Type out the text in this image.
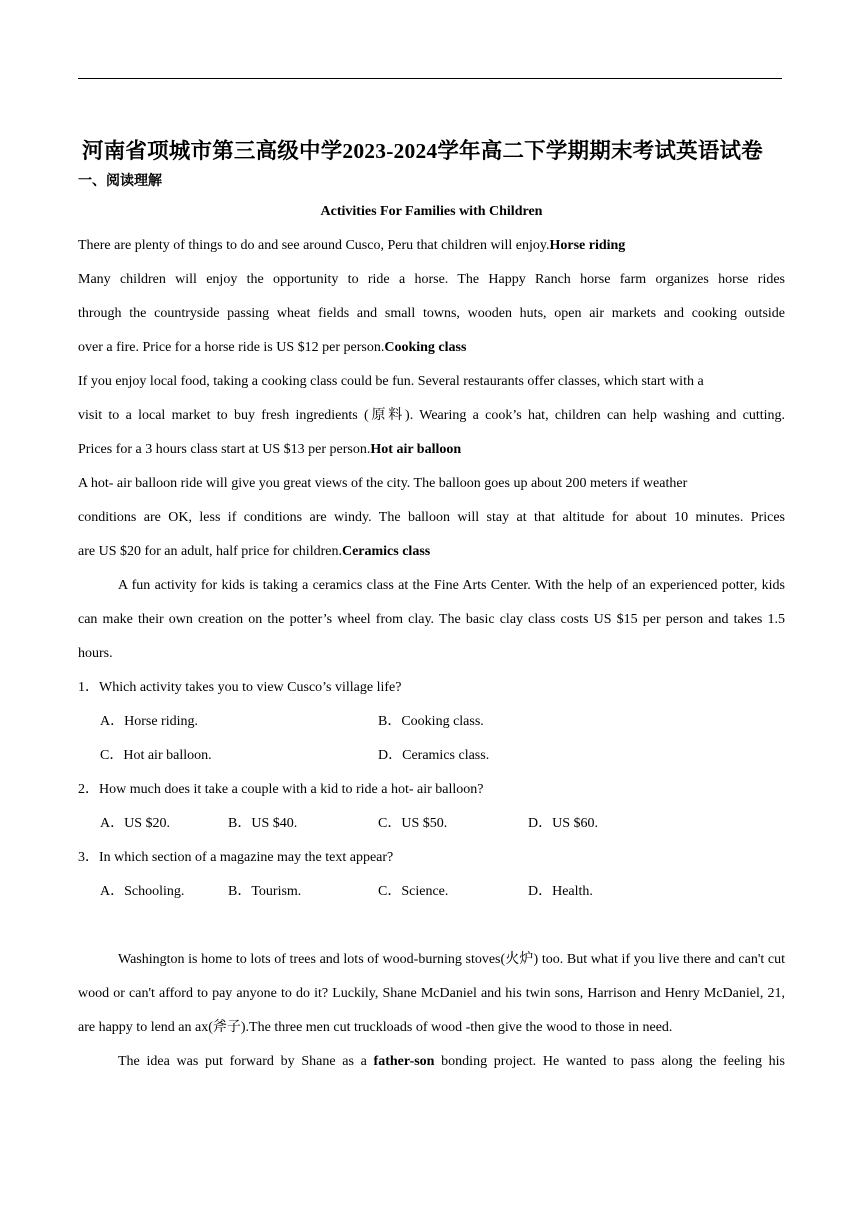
河南省项城市第三高级中学2023-2024学年高二下学期期末考试英语试卷
一、阅读理解
Activities For Families with Children
There are plenty of things to do and see around Cusco, Peru that children will enjoy.Horse riding
Many children will enjoy the opportunity to ride a horse. The Happy Ranch horse farm organizes horse rides
through the countryside passing wheat fields and small towns, wooden huts, open air markets and cooking outside
over a fire. Price for a horse ride is US $12 per person.Cooking class
If you enjoy local food, taking a cooking class could be fun. Several restaurants offer classes, which start with a
visit to a local market to buy fresh ingredients (原料). Wearing a cook’s hat, children can help washing and cutting.
Prices for a 3 hours class start at US $13 per person.Hot air balloon
A hot- air balloon ride will give you great views of the city. The balloon goes up about 200 meters if weather
conditions are OK, less if conditions are windy. The balloon will stay at that altitude for about 10 minutes. Prices
are US $20 for an adult, half price for children.Ceramics class
A fun activity for kids is taking a ceramics class at the Fine Arts Center. With the help of an experienced potter, kids can make their own creation on the potter’s wheel from clay. The basic clay class costs US $15 per person and takes 1.5 hours.
1．Which activity takes you to view Cusco’s village life?
A．Horse riding.	B．Cooking class.
C．Hot air balloon.	D．Ceramics class.
2．How much does it take a couple with a kid to ride a hot- air balloon?
A．US $20.	B．US $40.	C．US $50.	D．US $60.
3．In which section of a magazine may the text appear?
A．Schooling.	B．Tourism.	C．Science.	D．Health.
Washington is home to lots of trees and lots of wood-burning stoves(火炉) too. But what if you live there and can't cut wood or can't afford to pay anyone to do it? Luckily, Shane McDaniel and his twin sons, Harrison and Henry McDaniel, 21, are happy to lend an ax(斧子).The three men cut truckloads of wood -then give the wood to those in need.
The idea was put forward by Shane as a father-son bonding project. He wanted to pass along the feeling his
